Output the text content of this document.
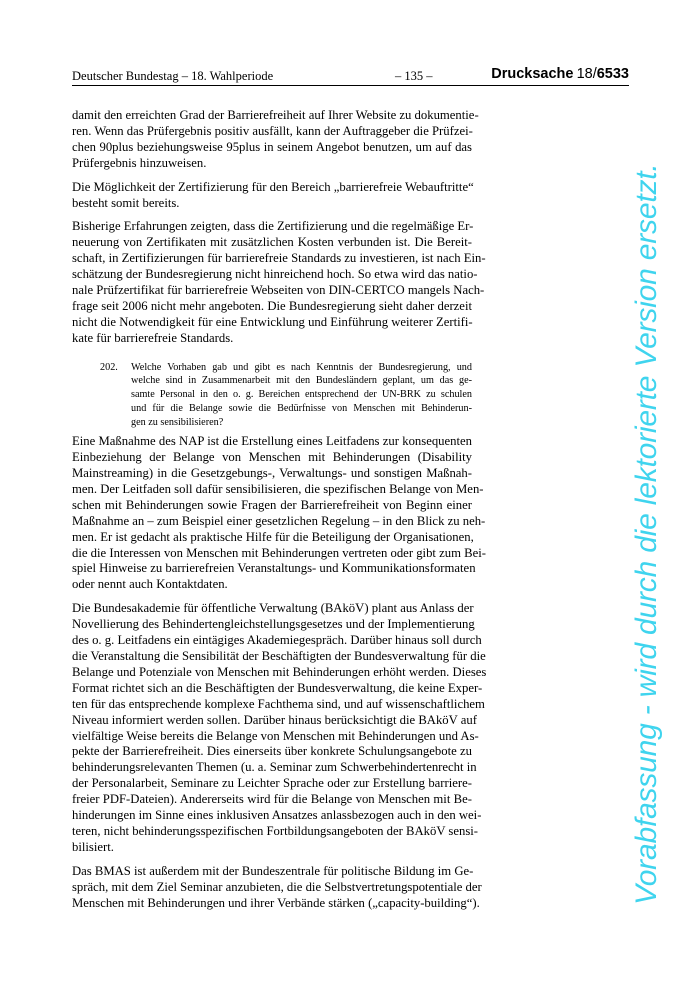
Deutscher Bundestag – 18. Wahlperiode	– 135 –	Drucksache 18/6533
damit den erreichten Grad der Barrierefreiheit auf Ihrer Website zu dokumentie-
ren. Wenn das Prüfergebnis positiv ausfällt, kann der Auftraggeber die Prüfzei-
chen 90plus beziehungsweise 95plus in seinem Angebot benutzen, um auf das
Prüfergebnis hinzuweisen.
Die Möglichkeit der Zertifizierung für den Bereich „barrierefreie Webauftritte“
besteht somit bereits.
Bisherige Erfahrungen zeigten, dass die Zertifizierung und die regelmäßige Er-
neuerung von Zertifikaten mit zusätzlichen Kosten verbunden ist. Die Bereit-
schaft, in Zertifizierungen für barrierefreie Standards zu investieren, ist nach Ein-
schätzung der Bundesregierung nicht hinreichend hoch. So etwa wird das natio-
nale Prüfzertifikat für barrierefreie Webseiten von DIN-CERTCO mangels Nach-
frage seit 2006 nicht mehr angeboten. Die Bundesregierung sieht daher derzeit
nicht die Notwendigkeit für eine Entwicklung und Einführung weiterer Zertifi-
kate für barrierefreie Standards.
202. Welche Vorhaben gab und gibt es nach Kenntnis der Bundesregierung, und
welche sind in Zusammenarbeit mit den Bundesländern geplant, um das ge-
samte Personal in den o. g. Bereichen entsprechend der UN-BRK zu schulen
und für die Belange sowie die Bedürfnisse von Menschen mit Behinderun-
gen zu sensibilisieren?
Eine Maßnahme des NAP ist die Erstellung eines Leitfadens zur konsequenten
Einbeziehung der Belange von Menschen mit Behinderungen (Disability
Mainstreaming) in die Gesetzgebungs-, Verwaltungs- und sonstigen Maßnah-
men. Der Leitfaden soll dafür sensibilisieren, die spezifischen Belange von Men-
schen mit Behinderungen sowie Fragen der Barrierefreiheit von Beginn einer
Maßnahme an – zum Beispiel einer gesetzlichen Regelung – in den Blick zu neh-
men. Er ist gedacht als praktische Hilfe für die Beteiligung der Organisationen,
die die Interessen von Menschen mit Behinderungen vertreten oder gibt zum Bei-
spiel Hinweise zu barrierefreien Veranstaltungs- und Kommunikationsformaten
oder nennt auch Kontaktdaten.
Die Bundesakademie für öffentliche Verwaltung (BAköV) plant aus Anlass der
Novellierung des Behindertengleichstellungsgesetzes und der Implementierung
des o. g. Leitfadens ein eintägiges Akademiegespräch. Darüber hinaus soll durch
die Veranstaltung die Sensibilität der Beschäftigten der Bundesverwaltung für die
Belange und Potenziale von Menschen mit Behinderungen erhöht werden. Dieses
Format richtet sich an die Beschäftigten der Bundesverwaltung, die keine Exper-
ten für das entsprechende komplexe Fachthema sind, und auf wissenschaftlichem
Niveau informiert werden sollen. Darüber hinaus berücksichtigt die BAköV auf
vielfältige Weise bereits die Belange von Menschen mit Behinderungen und As-
pekte der Barrierefreiheit. Dies einerseits über konkrete Schulungsangebote zu
behinderungsrelevanten Themen (u. a. Seminar zum Schwerbehindertenrecht in
der Personalarbeit, Seminare zu Leichter Sprache oder zur Erstellung barriere-
freier PDF-Dateien). Andererseits wird für die Belange von Menschen mit Be-
hinderungen im Sinne eines inklusiven Ansatzes anlassbezogen auch in den wei-
teren, nicht behinderungsspezifischen Fortbildungsangeboten der BAköV sensi-
bilisiert.
Das BMAS ist außerdem mit der Bundeszentrale für politische Bildung im Ge-
spräch, mit dem Ziel Seminar anzubieten, die die Selbstvertretungspotentiale der
Menschen mit Behinderungen und ihrer Verbände stärken („capacity-building“).	Vorabfassung - wird durch die lektorierte Version ersetzt.
